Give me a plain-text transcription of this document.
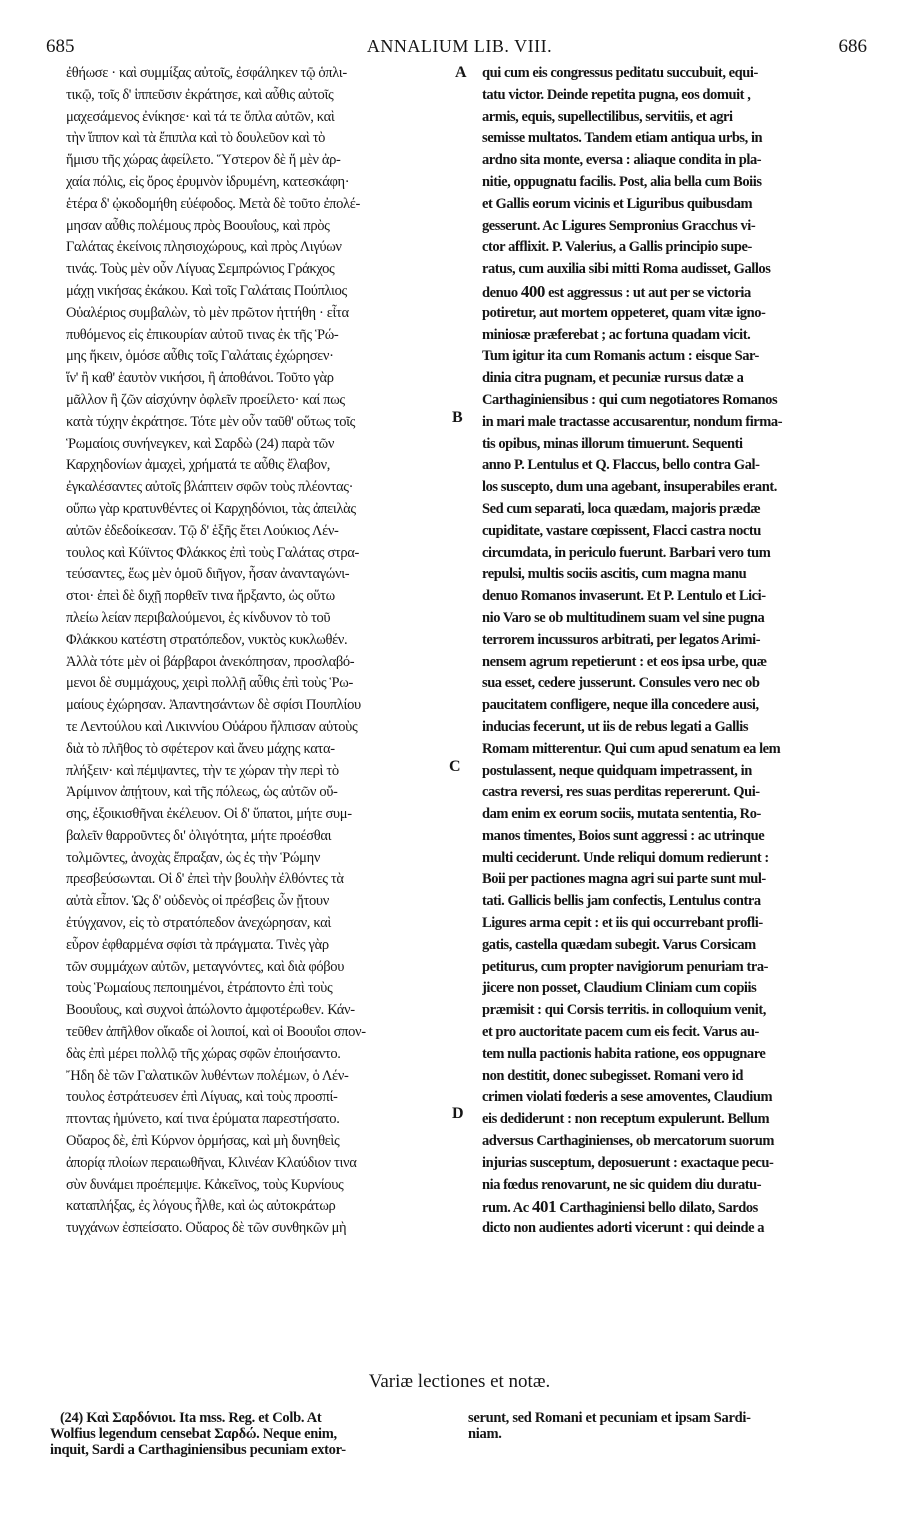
685	ANNALIUM LIB. VIII.	686
ἐθήωσε · καὶ συμμίξας αὐτοῖς, ἐσφάληκεν τῷ ὁπλι-
τικῷ, τοῖς δ' ἱππεῦσιν ἐκράτησε, καὶ αὖθις αὐτοῖς
μαχεσάμενος ἐνίκησε· καὶ τά τε ὅπλα αὐτῶν, καὶ
τὴν ἵππον καὶ τὰ ἔπιπλα καὶ τὸ δουλεῦον καὶ τὸ
ἥμισυ τῆς χώρας ἀφείλετο. Ὕστερον δὲ ἥ μὲν ἀρ-
χαία πόλις, εἰς ὄρος ἐρυμνὸν ἱδρυμένη, κατεσκάφη·
ἑτέρα δ' ᾠκοδομήθη εὐέφοδος. Μετὰ δὲ τοῦτο ἐπολέ-
μησαν αὖθις πολέμους πρὸς Βοουΐους, καὶ πρὸς
Γαλάτας ἐκείνοις πλησιοχώρους, καὶ πρὸς Λιγύων
τινάς. Τοὺς μὲν οὖν Λίγυας Σεμπρώνιος Γράκχος
μάχῃ νικήσας ἐκάκου. Καὶ τοῖς Γαλάταις Πούπλιος
Οὐαλέριος συμβαλὼν, τὸ μὲν πρῶτον ἡττήθη · εἶτα
πυθόμενος εἰς ἐπικουρίαν αὐτοῦ τινας ἐκ τῆς Ῥώ-
μης ἥκειν, ὁμόσε αὖθις τοῖς Γαλάταις ἐχώρησεν·
ἵν' ἢ καθ' ἑαυτὸν νικήσοι, ἢ ἀποθάνοι. Τοῦτο γὰρ
μᾶλλον ἢ ζῶν αἰσχύνην ὀφλεῖν προείλετο· καί πως
κατὰ τύχην ἐκράτησε. Τότε μὲν οὖν ταῦθ' οὕτως τοῖς
Ῥωμαίοις συνήνεγκεν, καὶ Σαρδὼ (24) παρὰ τῶν
Καρχηδονίων ἀμαχεὶ, χρήματά τε αὖθις ἔλαβον,
ἐγκαλέσαντες αὐτοῖς βλάπτειν σφῶν τοὺς πλέοντας·
οὔπω γὰρ κρατυνθέντες οἱ Καρχηδόνιοι, τὰς ἀπειλὰς
αὐτῶν ἐδεδοίκεσαν. Τῷ δ' ἑξῆς ἔτει Λούκιος Λέν-
τουλος καὶ Κύϊντος Φλάκκος ἐπὶ τοὺς Γαλάτας στρα-
τεύσαντες, ἕως μὲν ὁμοῦ διῆγον, ἦσαν ἀνανταγώνι-
στοι· ἐπεὶ δὲ διχῇ πορθεῖν τινα ἤρξαντο, ὡς οὕτω
πλείω λείαν περιβαλούμενοι, ἐς κίνδυνον τὸ τοῦ
Φλάκκου κατέστη στρατόπεδον, νυκτὸς κυκλωθέν.
Ἀλλὰ τότε μὲν οἱ βάρβαροι ἀνεκόπησαν, προσλαβό-
μενοι δὲ συμμάχους, χειρὶ πολλῇ αὖθις ἐπὶ τοὺς Ῥω-
μαίους ἐχώρησαν. Ἀπαντησάντων δὲ σφίσι Πουπλίου
τε Λεντούλου καὶ Λικιννίου Οὐάρου ἤλπισαν αὐτοὺς
διὰ τὸ πλῆθος τὸ σφέτερον καὶ ἄνευ μάχης κατα-
πλήξειν· καὶ πέμψαντες, τὴν τε χώραν τὴν περὶ τὸ
Ἀρίμινον ἀπῄτουν, καὶ τῆς πόλεως, ὡς αὐτῶν οὔ-
σης, ἐξοικισθῆναι ἐκέλευον. Οἱ δ' ὕπατοι, μήτε συμ-
βαλεῖν θαρροῦντες δι' ὀλιγότητα, μήτε προέσθαι
τολμῶντες, ἀνοχὰς ἔπραξαν, ὡς ἐς τὴν Ῥώμην
πρεσβεύσωνται. Οἱ δ' ἐπεὶ τὴν βουλὴν ἐλθόντες τὰ
αὐτὰ εἶπον. Ὡς δ' οὐδενὸς οἱ πρέσβεις ὧν ᾔτουν
ἐτύγχανον, εἰς τὸ στρατόπεδον ἀνεχώρησαν, καὶ
εὗρον ἐφθαρμένα σφίσι τὰ πράγματα. Τινὲς γὰρ
τῶν συμμάχων αὐτῶν, μεταγνόντες, καὶ διὰ φόβου
τοὺς Ῥωμαίους πεποιημένοι, ἐτράποντο ἐπὶ τοὺς
Βοουΐους, καὶ συχνοὶ ἀπώλοντο ἀμφοτέρωθεν. Κάν-
τεῦθεν ἀπῆλθον οἴκαδε οἱ λοιποί, καὶ οἱ Βοουΐοι σπον-
δὰς ἐπὶ μέρει πολλῷ τῆς χώρας σφῶν ἐποιήσαντο.
Ἤδη δὲ τῶν Γαλατικῶν λυθέντων πολέμων, ὁ Λέν-
τουλος ἐστράτευσεν ἐπὶ Λίγυας, καὶ τοὺς προσπί-
πτοντας ἠμύνετο, καί τινα ἐρύματα παρεστήσατο.
Οὔαρος δὲ, ἐπὶ Κύρνον ὁρμήσας, καὶ μὴ δυνηθεὶς
ἀπορίᾳ πλοίων περαιωθῆναι, Κλινέαν Κλαύδιον τινα
σὺν δυνάμει προέπεμψε. Κἀκεῖνος, τοὺς Κυρνίους
καταπλήξας, ἐς λόγους ἦλθε, καὶ ὡς αὐτοκράτωρ
τυγχάνων ἐσπείσατο. Οὔαρος δὲ τῶν συνθηκῶν μὴ
A
B
C
D
qui cum eis congressus peditatu succubuit, equi-
tatu victor. Deinde repetita pugna, eos domuit ,
armis, equis, supellectilibus, servitiis, et agri
semisse multatos. Tandem etiam antiqua urbs, in
ardno sita monte, eversa : aliaque condita in pla-
nitie, oppugnatu facilis. Post, alia bella cum Boiis
et Gallis eorum vicinis et Liguribus quibusdam
gesserunt. Ac Ligures Sempronius Gracchus vi-
ctor afflixit. P. Valerius, a Gallis principio supe-
ratus, cum auxilia sibi mitti Roma audisset, Gallos
denuo 400 est aggressus : ut aut per se victoria
potiretur, aut mortem oppeteret, quam vitæ igno-
miniosæ præferebat ; ac fortuna quadam vicit.
Tum igitur ita cum Romanis actum : eisque Sar-
dinia citra pugnam, et pecuniæ rursus datæ a
Carthaginiensibus : qui cum negotiatores Romanos
in mari male tractasse accusarentur, nondum firma-
tis opibus, minas illorum timuerunt. Sequenti
anno P. Lentulus et Q. Flaccus, bello contra Gal-
los suscepto, dum una agebant, insuperabiles erant.
Sed cum separati, loca quædam, majoris prædæ
cupiditate, vastare cœpissent, Flacci castra noctu
circumdata, in periculo fuerunt. Barbari vero tum
repulsi, multis sociis ascitis, cum magna manu
denuo Romanos invaserunt. Et P. Lentulo et Lici-
nio Varo se ob multitudinem suam vel sine pugna
terrorem incussuros arbitrati, per legatos Arimi-
nensem agrum repetierunt : et eos ipsa urbe, quæ
sua esset, cedere jusserunt. Consules vero nec ob
paucitatem confligere, neque illa concedere ausi,
inducias fecerunt, ut iis de rebus legati a Gallis
Romam mitterentur. Qui cum apud senatum ea lem
postulassent, neque quidquam impetrassent, in
castra reversi, res suas perditas repererunt. Qui-
dam enim ex eorum sociis, mutata sententia, Ro-
manos timentes, Boios sunt aggressi : ac utrinque
multi ceciderunt. Unde reliqui domum redierunt :
Boii per pactiones magna agri sui parte sunt mul-
tati. Gallicis bellis jam confectis, Lentulus contra
Ligures arma cepit : et iis qui occurrebant profli-
gatis, castella quædam subegit. Varus Corsicam
petiturus, cum propter navigiorum penuriam tra-
jicere non posset, Claudium Cliniam cum copiis
præmisit : qui Corsis territis. in colloquium venit,
et pro auctoritate pacem cum eis fecit. Varus au-
tem nulla pactionis habita ratione, eos oppugnare
non destitit, donec subegisset. Romani vero id
crimen violati fœderis a sese amoventes, Claudium
eis dediderunt : non receptum expulerunt. Bellum
adversus Carthaginienses, ob mercatorum suorum
injurias susceptum, deposuerunt : exactaque pecu-
nia fœdus renovarunt, ne sic quidem diu duratu-
rum. Ac 401 Carthaginiensi bello dilato, Sardos
dicto non audientes adorti vicerunt : qui deinde a
Variæ lectiones et notæ.
(24) Καὶ Σαρδόνιοι. Ita mss. Reg. et Colb. At
Wolfius legendum censebat Σαρδώ. Neque enim,
inquit, Sardi a Carthaginiensibus pecuniam extor-
serunt, sed Romani et pecuniam et ipsam Sardi-
niam.
